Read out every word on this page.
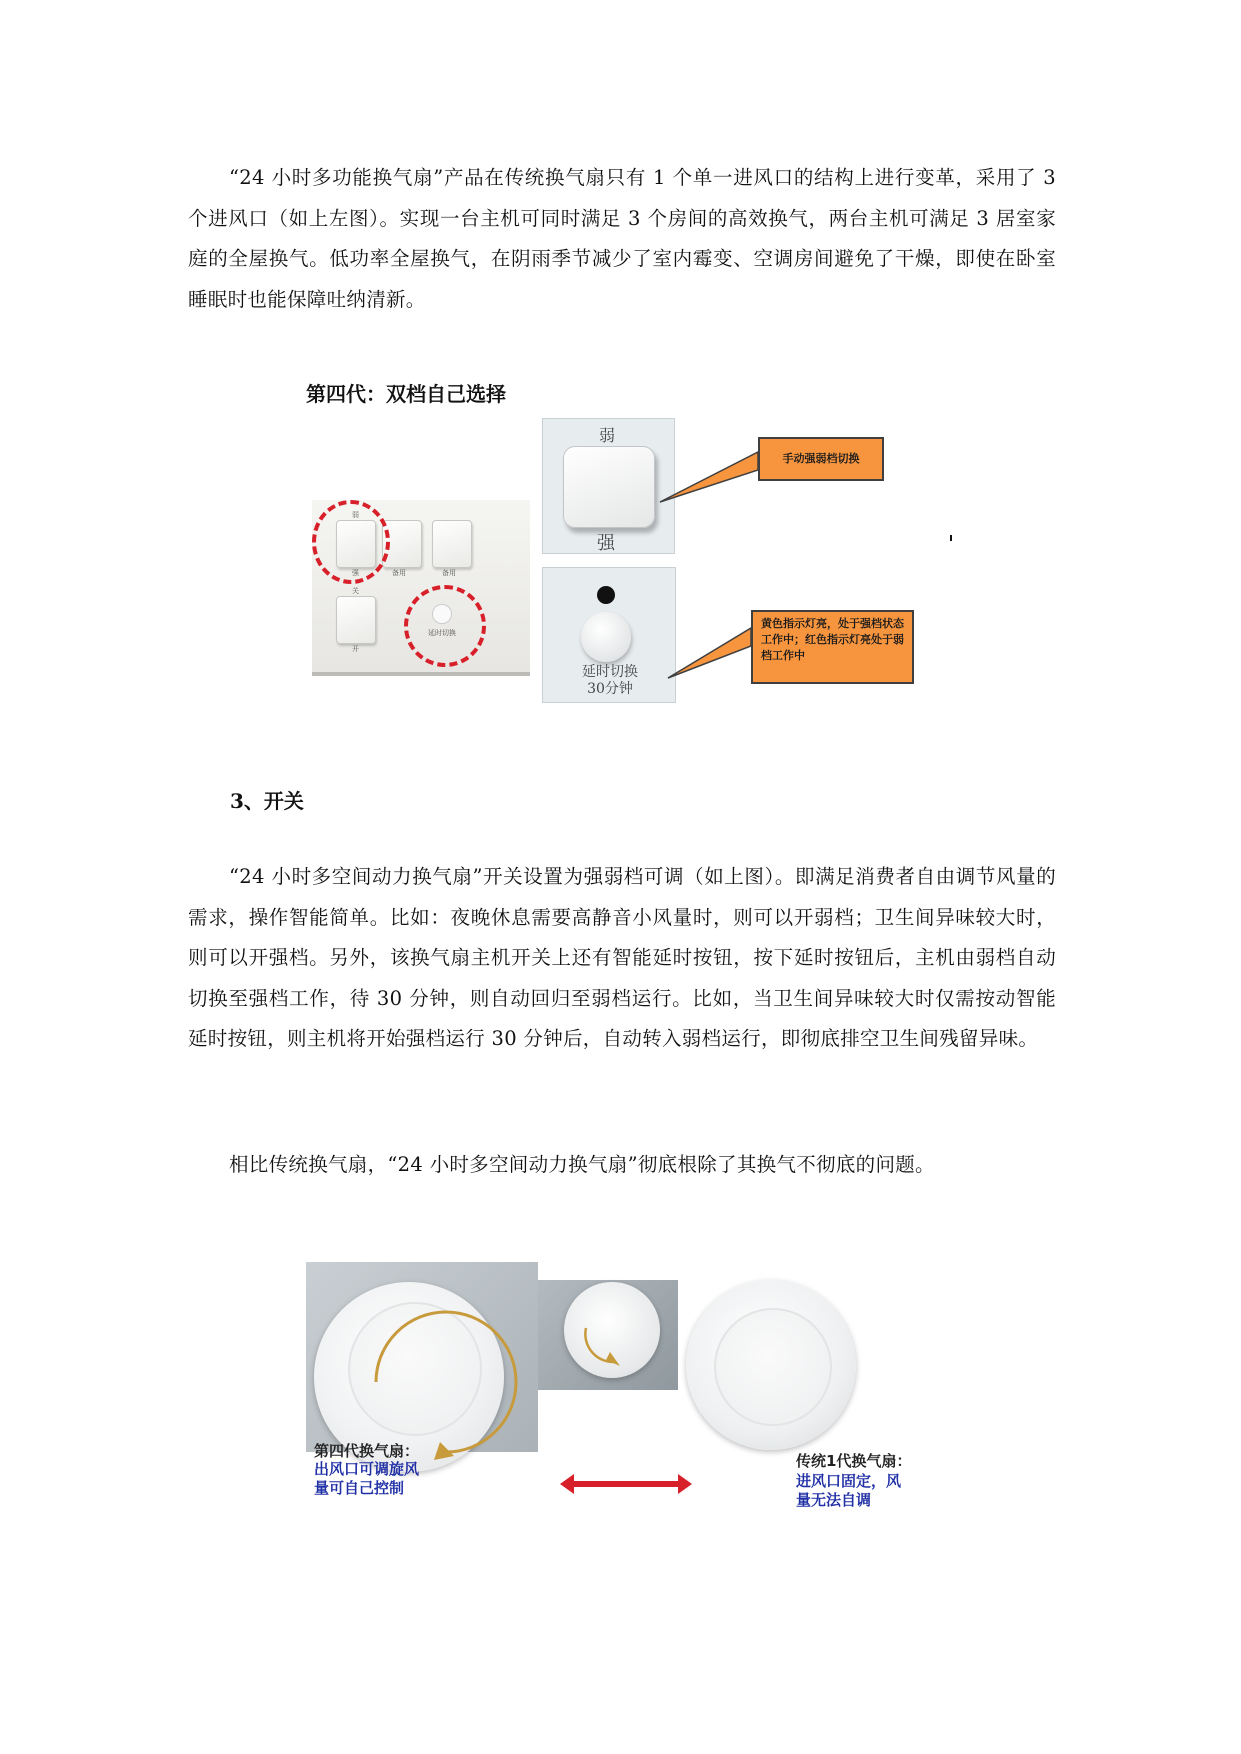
“24 小时多功能换气扇”产品在传统换气扇只有 1 个单一进风口的结构上进行变革，采用了 3 个进风口（如上左图）。实现一台主机可同时满足 3 个房间的高效换气，两台主机可满足 3 居室家庭的全屋换气。低功率全屋换气，在阴雨季节减少了室内霉变、空调房间避免了干燥，即使在卧室睡眠时也能保障吐纳清新。

第四代：双档自己选择
弱
强	备用	备用
关
开
延时切换
弱
强
延时切换
30分钟
手动强弱档切换
黄色指示灯亮，处于强档状态工作中；红色指示灯亮处于弱档工作中
3、开关

“24 小时多空间动力换气扇”开关设置为强弱档可调（如上图）。即满足消费者自由调节风量的需求，操作智能简单。比如：夜晚休息需要高静音小风量时，则可以开弱档；卫生间异味较大时，则可以开强档。另外，该换气扇主机开关上还有智能延时按钮，按下延时按钮后，主机由弱档自动切换至强档工作，待 30 分钟，则自动回归至弱档运行。比如，当卫生间异味较大时仅需按动智能延时按钮，则主机将开始强档运行 30 分钟后，自动转入弱档运行，即彻底排空卫生间残留异味。

相比传统换气扇，“24 小时多空间动力换气扇”彻底根除了其换气不彻底的问题。

第四代换气扇：
出风口可调旋风量可自己控制
传统1代换气扇：
进风口固定，风量无法自调
